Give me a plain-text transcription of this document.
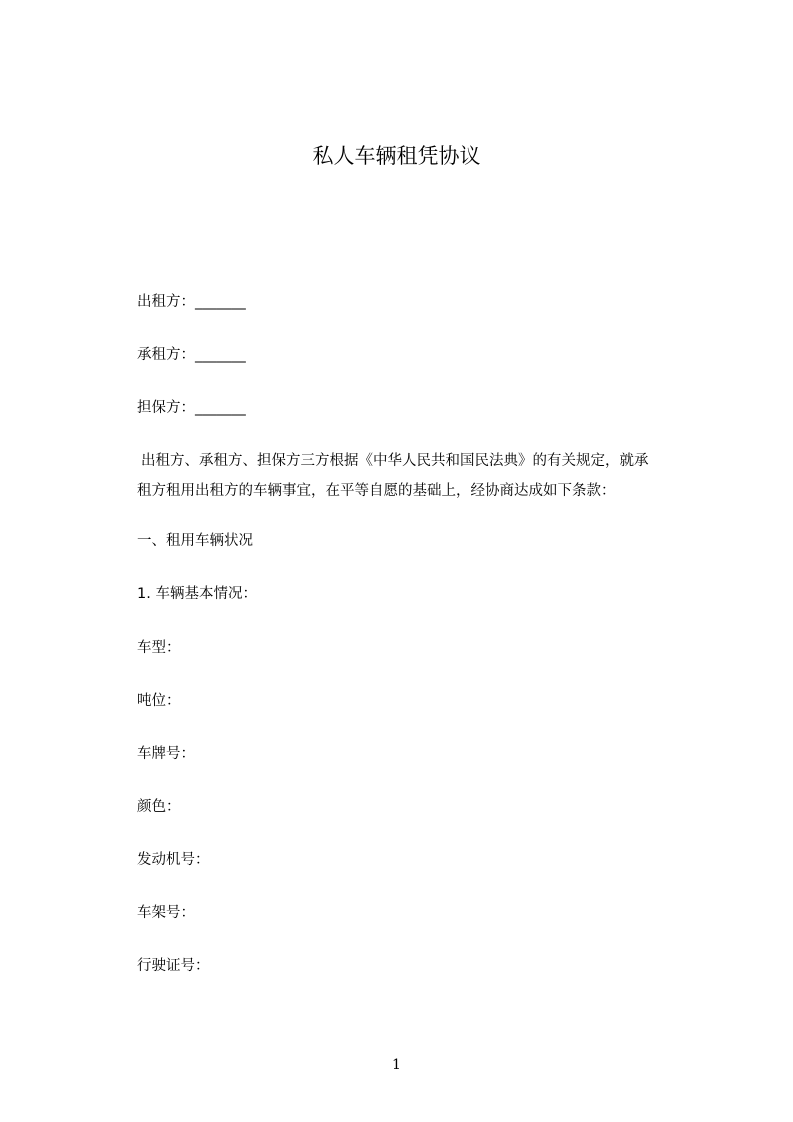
私人车辆租凭协议
出租方：_______
承租方：_______
担保方：_______
出租方、承租方、担保方三方根据《中华人民共和国民法典》的有关规定，就承
租方租用出租方的车辆事宜，在平等自愿的基础上，经协商达成如下条款：
一、租用车辆状况
1. 车辆基本情况：
车型：
吨位：
车牌号：
颜色：
发动机号：
车架号：
行驶证号：
1
